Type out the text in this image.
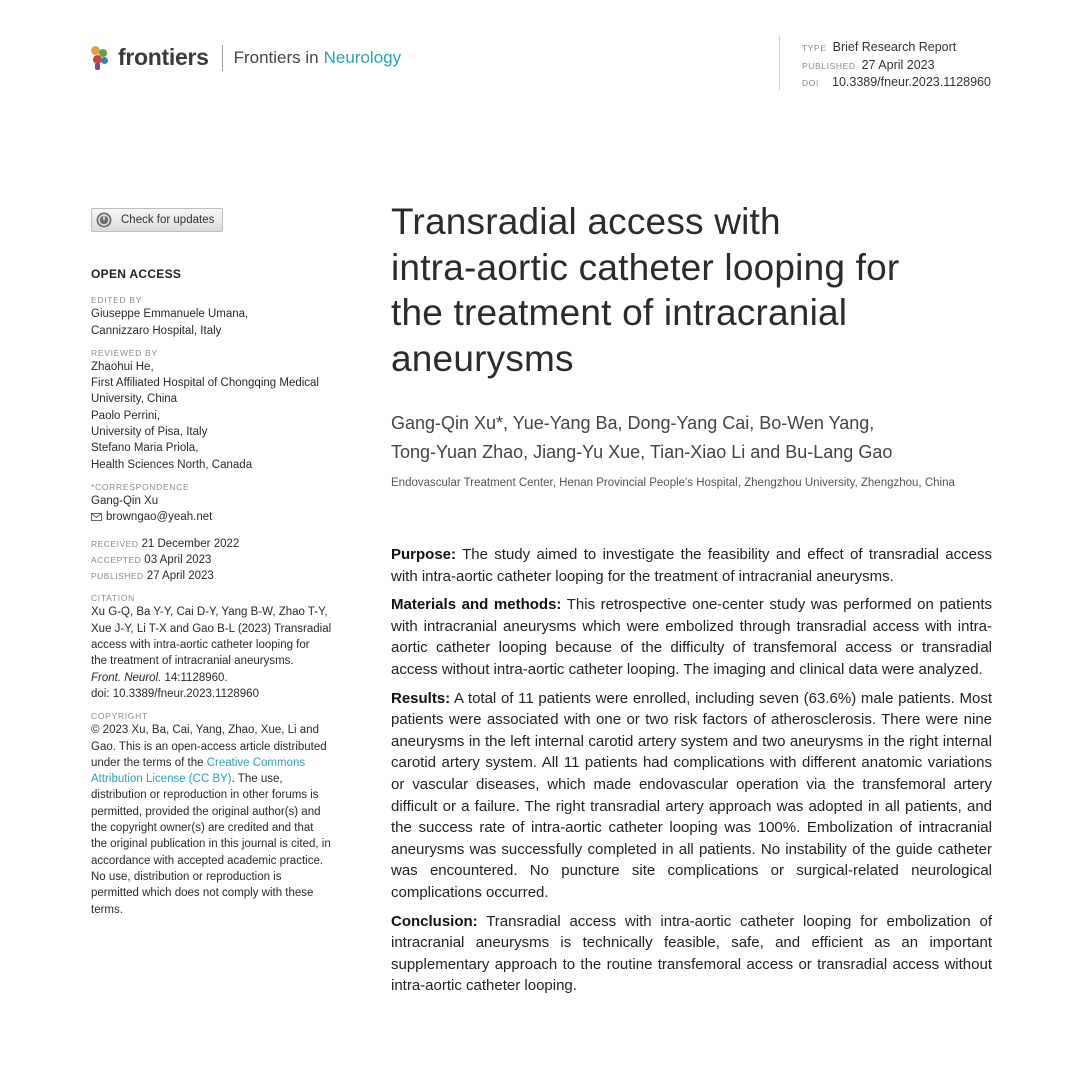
frontiers Frontiers in Neurology	TYPE Brief Research Report
PUBLISHED 27 April 2023
DOI 10.3389/fneur.2023.1128960
Check for updates
OPEN ACCESS
EDITED BY
Giuseppe Emmanuele Umana,
Cannizzaro Hospital, Italy
REVIEWED BY
Zhaohui He,
First Affiliated Hospital of Chongqing Medical
University, China
Paolo Perrini,
University of Pisa, Italy
Stefano Maria Priola,
Health Sciences North, Canada
*CORRESPONDENCE
Gang-Qin Xu
browngao@yeah.net
RECEIVED 21 December 2022
ACCEPTED 03 April 2023
PUBLISHED 27 April 2023
CITATION
Xu G-Q, Ba Y-Y, Cai D-Y, Yang B-W, Zhao T-Y,
Xue J-Y, Li T-X and Gao B-L (2023) Transradial
access with intra-aortic catheter looping for
the treatment of intracranial aneurysms.
Front. Neurol. 14:1128960.
doi: 10.3389/fneur.2023.1128960
COPYRIGHT
© 2023 Xu, Ba, Cai, Yang, Zhao, Xue, Li and
Gao. This is an open-access article distributed
under the terms of the Creative Commons
Attribution License (CC BY). The use,
distribution or reproduction in other forums is
permitted, provided the original author(s) and
the copyright owner(s) are credited and that
the original publication in this journal is cited, in
accordance with accepted academic practice.
No use, distribution or reproduction is
permitted which does not comply with these
terms.
Transradial access with
intra-aortic catheter looping for
the treatment of intracranial
aneurysms
Gang-Qin Xu*, Yue-Yang Ba, Dong-Yang Cai, Bo-Wen Yang,
Tong-Yuan Zhao, Jiang-Yu Xue, Tian-Xiao Li and Bu-Lang Gao
Endovascular Treatment Center, Henan Provincial People's Hospital, Zhengzhou University, Zhengzhou, China

Purpose: The study aimed to investigate the feasibility and effect of transradial access with intra-aortic catheter looping for the treatment of intracranial aneurysms.

Materials and methods: This retrospective one-center study was performed on patients with intracranial aneurysms which were embolized through transradial access with intra-aortic catheter looping because of the difficulty of transfemoral access or transradial access without intra-aortic catheter looping. The imaging and clinical data were analyzed.

Results: A total of 11 patients were enrolled, including seven (63.6%) male patients. Most patients were associated with one or two risk factors of atherosclerosis. There were nine aneurysms in the left internal carotid artery system and two aneurysms in the right internal carotid artery system. All 11 patients had complications with different anatomic variations or vascular diseases, which made endovascular operation via the transfemoral artery difficult or a failure. The right transradial artery approach was adopted in all patients, and the success rate of intra-aortic catheter looping was 100%. Embolization of intracranial aneurysms was successfully completed in all patients. No instability of the guide catheter was encountered. No puncture site complications or surgical-related neurological complications occurred.

Conclusion: Transradial access with intra-aortic catheter looping for embolization of intracranial aneurysms is technically feasible, safe, and efficient as an important supplementary approach to the routine transfemoral access or transradial access without intra-aortic catheter looping.
